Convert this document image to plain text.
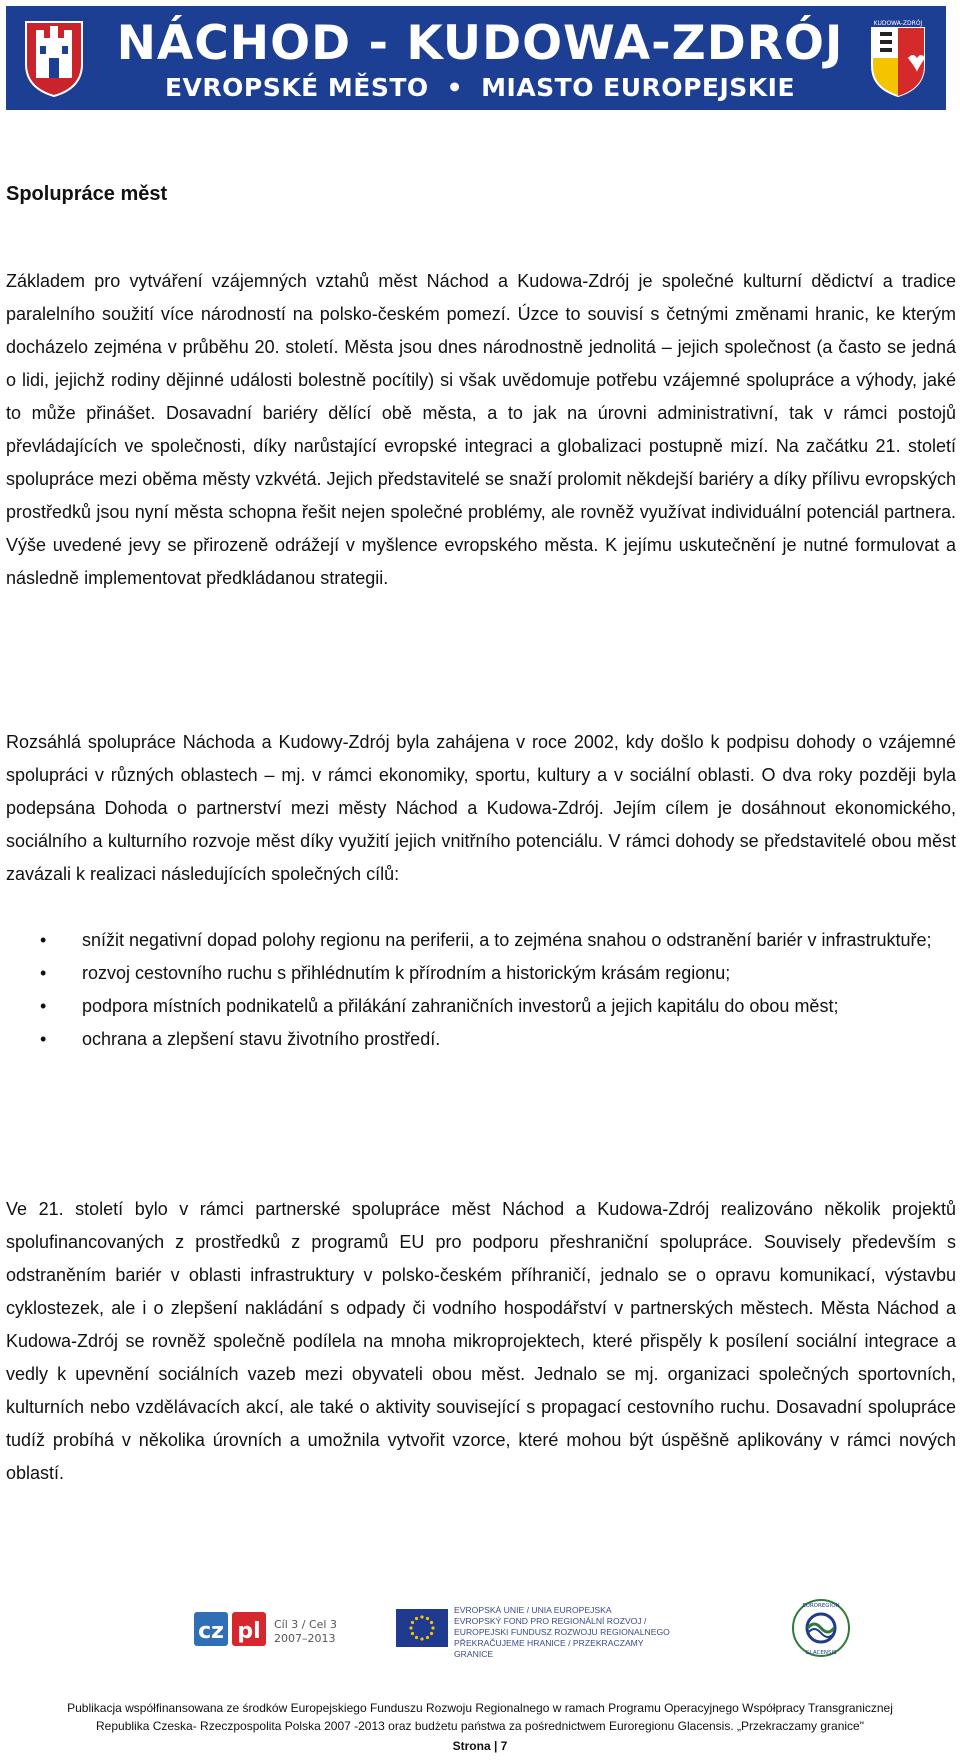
NÁCHOD - KUDOWA-ZDRÓJ
EVROPSKÉ MĚSTO • MIASTO EUROPEJSKIE
KUDOWA-ZDRÓJ
Spolupráce měst

Základem pro vytváření vzájemných vztahů měst Náchod a Kudowa-Zdrój je společné kulturní dědictví a tradice paralelního soužití více národností na polsko-českém pomezí. Úzce to souvisí s četnými změnami hranic, ke kterým docházelo zejména v průběhu 20. století. Města jsou dnes národnostně jednolitá – jejich společnost (a často se jedná o lidi, jejichž rodiny dějinné události bolestně pocítily) si však uvědomuje potřebu vzájemné spolupráce a výhody, jaké to může přinášet. Dosavadní bariéry dělící obě města, a to jak na úrovni administrativní, tak v rámci postojů převládajících ve společnosti, díky narůstající evropské integraci a globalizaci postupně mizí. Na začátku 21. století spolupráce mezi oběma městy vzkvétá. Jejich představitelé se snaží prolomit někdejší bariéry a díky přílivu evropských prostředků jsou nyní města schopna řešit nejen společné problémy, ale rovněž využívat individuální potenciál partnera. Výše uvedené jevy se přirozeně odrážejí v myšlence evropského města. K jejímu uskutečnění je nutné formulovat a následně implementovat předkládanou strategii.

Rozsáhlá spolupráce Náchoda a Kudowy-Zdrój byla zahájena v roce 2002, kdy došlo k podpisu dohody o vzájemné spolupráci v různých oblastech – mj. v rámci ekonomiky, sportu, kultury a v sociální oblasti. O dva roky později byla podepsána Dohoda o partnerství mezi městy Náchod a Kudowa-Zdrój. Jejím cílem je dosáhnout ekonomického, sociálního a kulturního rozvoje měst díky využití jejich vnitřního potenciálu. V rámci dohody se představitelé obou měst zavázali k realizaci následujících společných cílů:

• snížit negativní dopad polohy regionu na periferii, a to zejména snahou o odstranění bariér v infrastruktuře;
• rozvoj cestovního ruchu s přihlédnutím k přírodním a historickým krásám regionu;
• podpora místních podnikatelů a přilákání zahraničních investorů a jejich kapitálu do obou měst;
• ochrana a zlepšení stavu životního prostředí.

Ve 21. století bylo v rámci partnerské spolupráce měst Náchod a Kudowa-Zdrój realizováno několik projektů spolufinancovaných z prostředků z programů EU pro podporu přeshraniční spolupráce. Souvisely především s odstraněním bariér v oblasti infrastruktury v polsko-českém příhraničí, jednalo se o opravu komunikací, výstavbu cyklostezek, ale i o zlepšení nakládání s odpady či vodního hospodářství v partnerských městech. Města Náchod a Kudowa-Zdrój se rovněž společně podílela na mnoha mikroprojektech, které přispěly k posílení sociální integrace a vedly k upevnění sociálních vazeb mezi obyvateli obou měst. Jednalo se mj. organizaci společných sportovních, kulturních nebo vzdělávacích akcí, ale také o aktivity související s propagací cestovního ruchu. Dosavadní spolupráce tudíž probíhá v několika úrovních a umožnila vytvořit vzorce, které mohou být úspěšně aplikovány v rámci nových oblastí.

cz pl Cíl 3 / Cel 3
2007–2013
EVROPSKÁ UNIE / UNIA EUROPEJSKA
EVROPSKÝ FOND PRO REGIONÁLNÍ ROZVOJ / EUROPEJSKI FUNDUSZ ROZWOJU REGIONALNEGO
PŘEKRAČUJEME HRANICE / PRZEKRACZAMY GRANICE
EUROREGION
GLACENSIS
Publikacja współfinansowana ze środków Europejskiego Funduszu Rozwoju Regionalnego w ramach Programu Operacyjnego Współpracy Transgranicznej
Republika Czeska- Rzeczpospolita Polska 2007 -2013 oraz budżetu państwa za pośrednictwem Euroregionu Glacensis. „Przekraczamy granice"
Strona | 7
